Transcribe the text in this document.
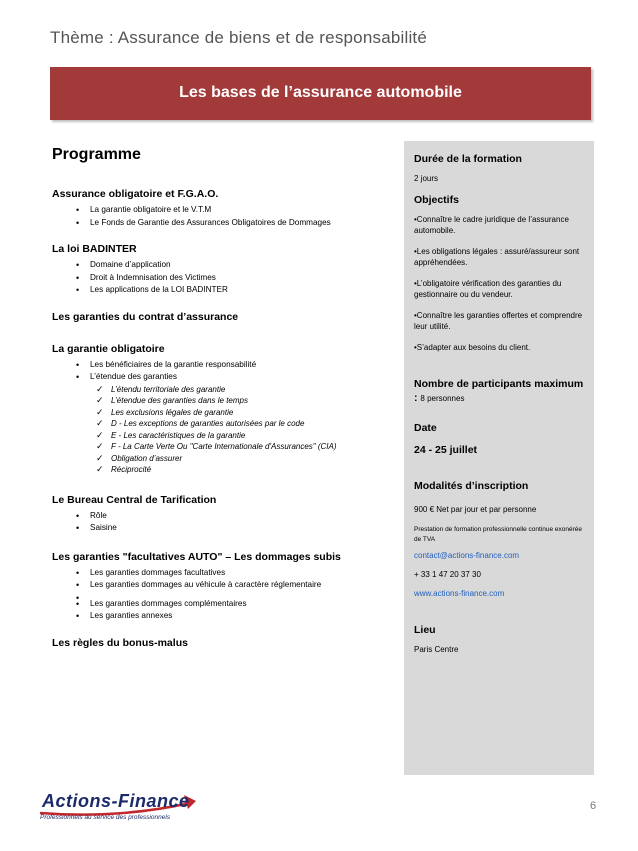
Thème : Assurance de biens et de responsabilité
Les bases de l’assurance automobile
Programme
Assurance obligatoire et F.G.A.O.
• La garantie obligatoire et le V.T.M
• Le Fonds de Garantie des Assurances Obligatoires de Dommages
La loi BADINTER
• Domaine d’application
• Droit à Indemnisation des Victimes
• Les applications de la LOI BADINTER
Les garanties du contrat d’assurance
La garantie obligatoire
• Les bénéficiaires de la garantie responsabilité
• L’étendue des garanties
✓ L’étendu territoriale des garantie
✓ L’étendue des garanties dans le temps
✓ Les exclusions légales de garantie
✓ D - Les exceptions de garanties autorisées par le code
✓ E - Les caractéristiques de la garantie
✓ F - La Carte Verte Ou "Carte Internationale d'Assurances" (CIA)
✓ Obligation d’assurer
✓ Réciprocité
Le Bureau Central de Tarification
• Rôle
• Saisine
Les garanties "facultatives AUTO" – Les dommages subis
• Les garanties dommages facultatives
• Les garanties dommages au véhicule à caractère réglementaire
•
• Les garanties dommages complémentaires
• Les garanties annexes
Les règles du bonus-malus
Durée de la formation
2 jours
Objectifs
•Connaître le cadre juridique de l’assurance automobile.
•Les obligations légales : assuré/assureur sont appréhendées.
•L’obligatoire vérification des garanties du gestionnaire ou du vendeur.
•Connaître les garanties offertes et comprendre leur utilité.
•S’adapter aux besoins du client.
Nombre de participants maximum : 8 personnes
Date
24 - 25 juillet
Modalités d’inscription
900 € Net par jour et par personne
Prestation de formation professionnelle continue exonérée de TVA
contact@actions-finance.com
+ 33 1 47 20 37 30
www.actions-finance.com
Lieu
Paris Centre
Actions-Finance
Professionnels au service des professionnels
6
